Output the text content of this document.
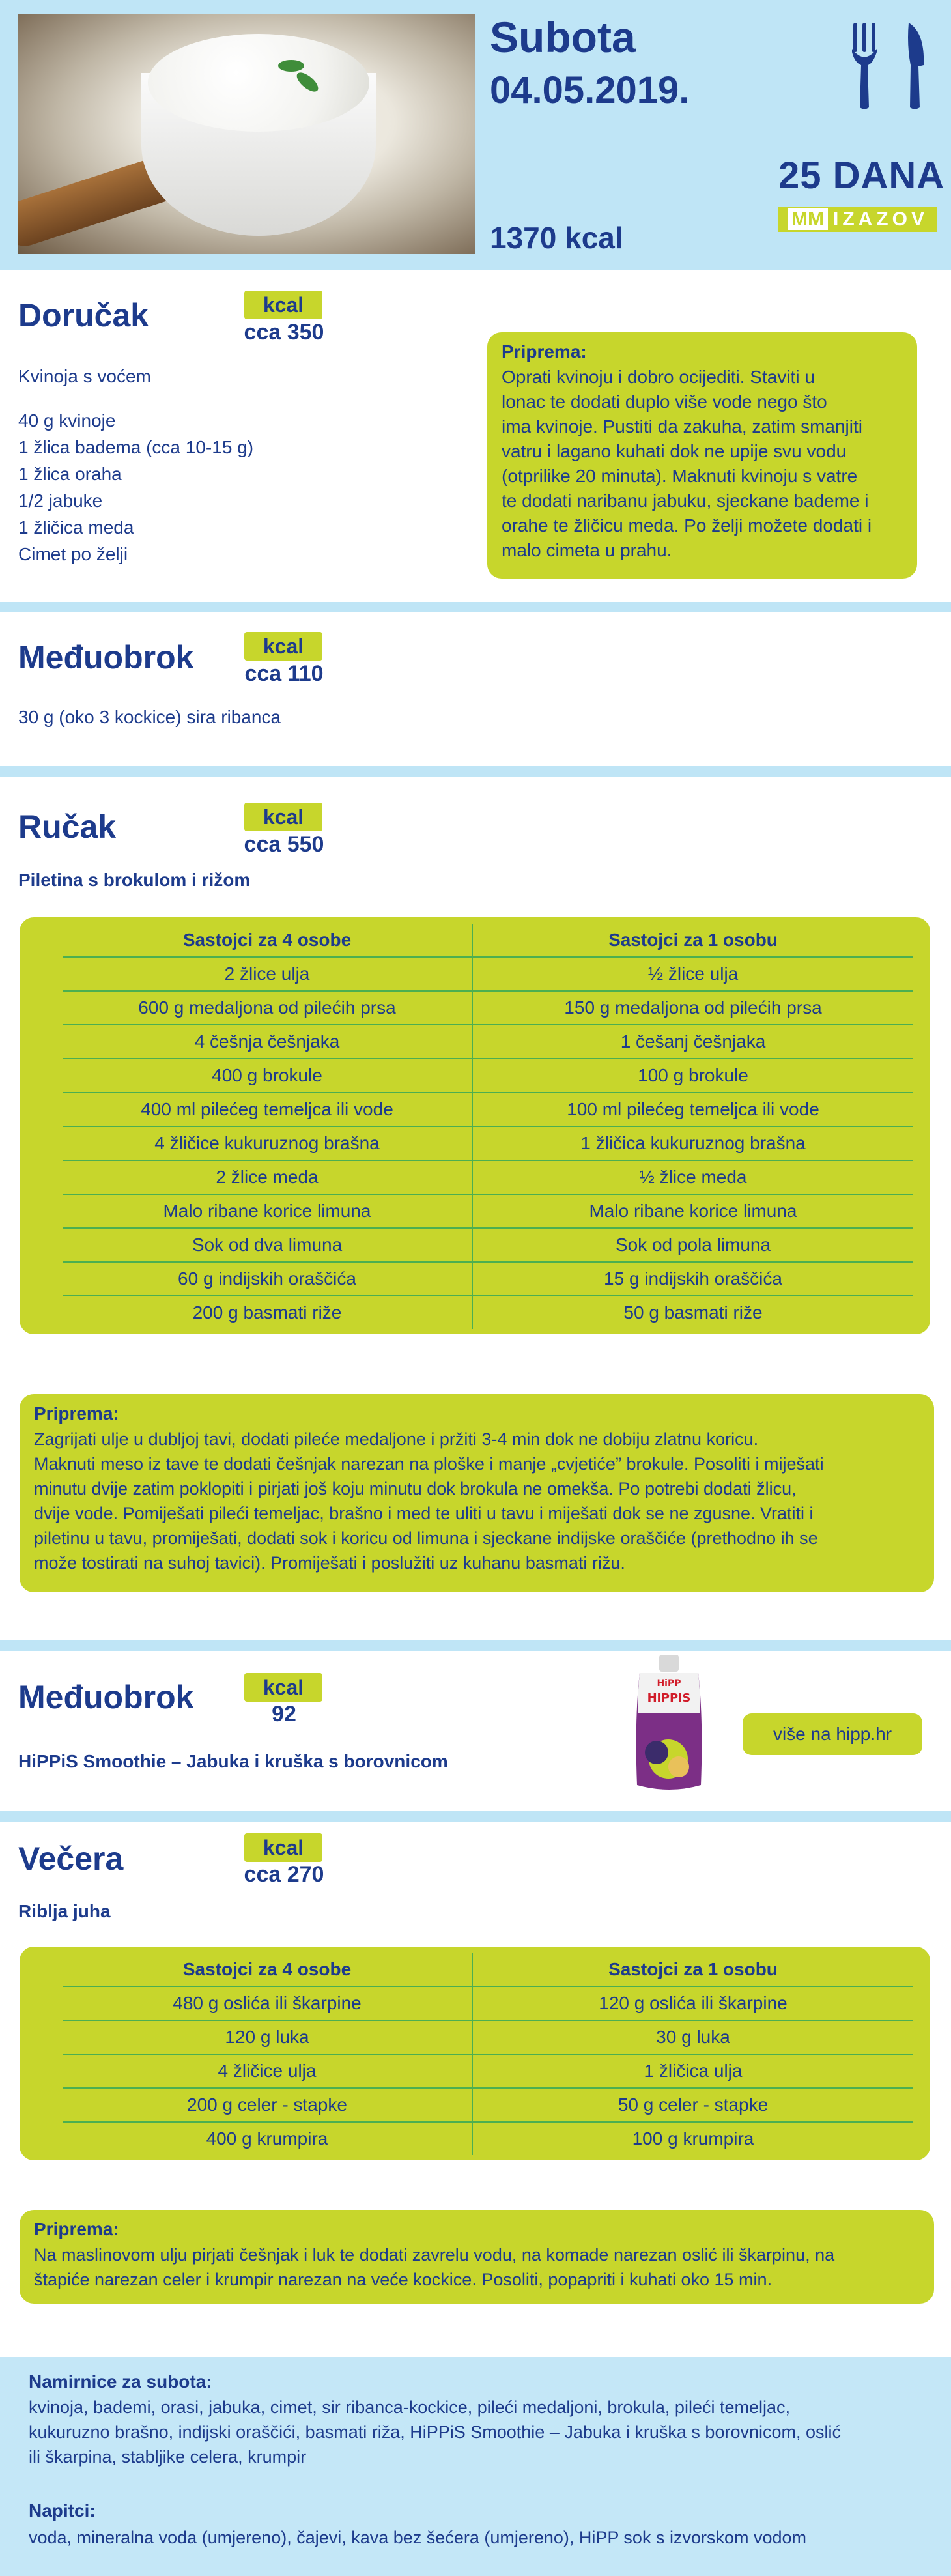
Subota
04.05.2019.
1370 kcal
25 DANA
MM IZAZOV
Doručak	kcal
cca 350
Kvinoja s voćem
40 g kvinoje
1 žlica badema (cca 10-15 g)
1 žlica oraha
1/2 jabuke
1 žličica meda
Cimet po želji
Priprema:
Oprati kvinoju i dobro ocijediti. Staviti u
lonac te dodati duplo više vode nego što
ima kvinoje. Pustiti da zakuha, zatim smanjiti
vatru i lagano kuhati dok ne upije svu vodu
(otprilike 20 minuta). Maknuti kvinoju s vatre
te dodati naribanu jabuku, sjeckane bademe i
orahe te žličicu meda. Po želji možete dodati i
malo cimeta u prahu.
Međuobrok	kcal
cca 110
30 g (oko 3 kockice) sira ribanca
Ručak	kcal
cca 550
Piletina s brokulom i rižom
Sastojci za 4 osobe	Sastojci za 1 osobu
2 žlice ulja	½ žlice ulja
600 g medaljona od pilećih prsa	150 g medaljona od pilećih prsa
4 češnja češnjaka	1 češanj češnjaka
400 g brokule	100 g brokule
400 ml pilećeg temeljca ili vode	100 ml pilećeg temeljca ili vode
4 žličice kukuruznog brašna	1 žličica kukuruznog brašna
2 žlice meda	½ žlice meda
Malo ribane korice limuna	Malo ribane korice limuna
Sok od dva limuna	Sok od pola limuna
60 g indijskih oraščića	15 g indijskih oraščića
200 g basmati riže	50 g basmati riže
Priprema:
Zagrijati ulje u dubljoj tavi, dodati pileće medaljone i pržiti 3-4 min dok ne dobiju zlatnu koricu.
Maknuti meso iz tave te dodati češnjak narezan na ploške i manje „cvjetiće” brokule. Posoliti i miješati
minutu dvije zatim poklopiti i pirjati još koju minutu dok brokula ne omekša. Po potrebi dodati žlicu,
dvije vode. Pomiješati pileći temeljac, brašno i med te uliti u tavu i miješati dok se ne zgusne. Vratiti i
piletinu u tavu, promiješati, dodati sok i koricu od limuna i sjeckane indijske oraščiće (prethodno ih se
može tostirati na suhoj tavici). Promiješati i poslužiti uz kuhanu basmati rižu.
Međuobrok	kcal
92
HiPPiS Smoothie – Jabuka i kruška s borovnicom
HiPP
HiPPiS
više na hipp.hr
Večera	kcal
cca 270
Riblja juha
Sastojci za 4 osobe	Sastojci za 1 osobu
480 g oslića ili škarpine	120 g oslića ili škarpine
120 g luka	30 g luka
4 žličice ulja	1 žličica ulja
200 g celer - stapke	50 g celer - stapke
400 g krumpira	100 g krumpira
Priprema:
Na maslinovom ulju pirjati češnjak i luk te dodati zavrelu vodu, na komade narezan oslić ili škarpinu, na
štapiće narezan celer i krumpir narezan na veće kockice. Posoliti, popapriti i kuhati oko 15 min.
Namirnice za subota:
kvinoja, bademi, orasi, jabuka, cimet, sir ribanca-kockice, pileći medaljoni, brokula, pileći temeljac,
kukuruzno brašno, indijski oraščići, basmati riža, HiPPiS Smoothie – Jabuka i kruška s borovnicom, oslić
ili škarpina, stabljike celera, krumpir
Napitci:
voda, mineralna voda (umjereno), čajevi, kava bez šećera (umjereno), HiPP sok s izvorskom vodom
